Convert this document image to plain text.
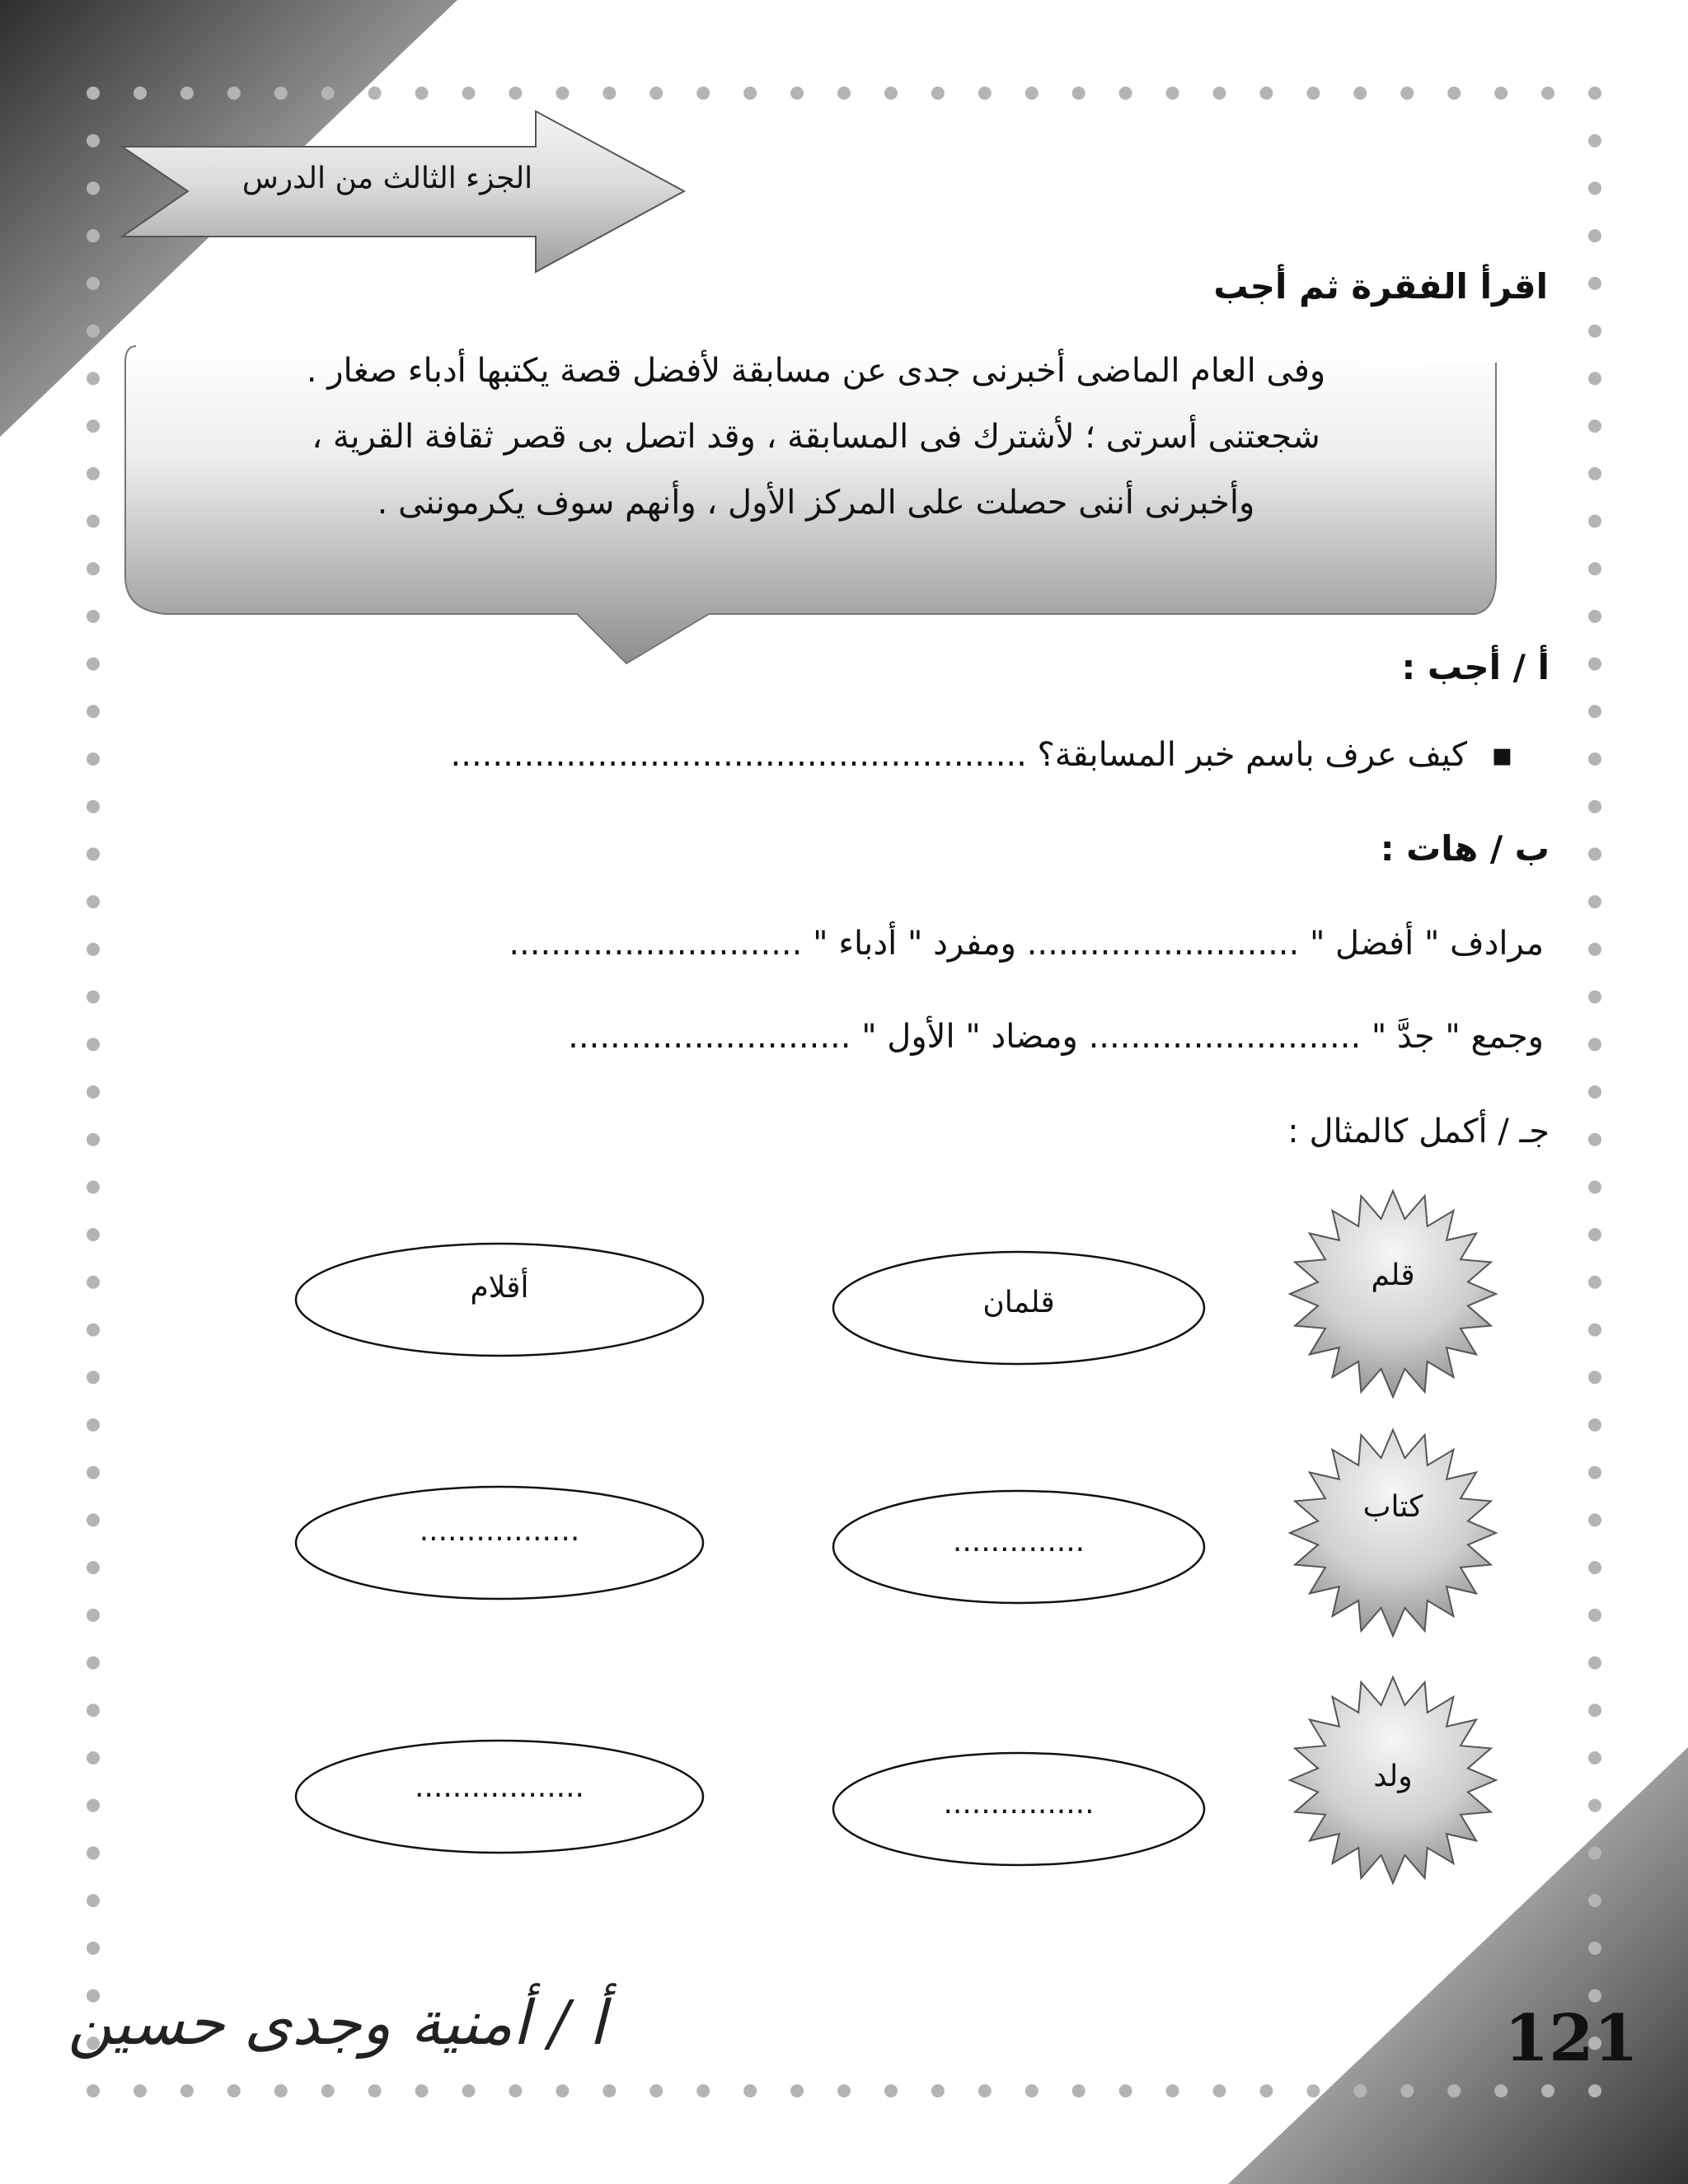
الجزء الثالث من الدرس
اقرأ الفقرة ثم أجب
وفى العام الماضى أخبرنى جدى عن مسابقة لأفضل قصة يكتبها أدباء صغار .
شجعتنى أسرتى ؛ لأشترك فى المسابقة ، وقد اتصل بى قصر ثقافة القرية ،
وأخبرنى أننى حصلت على المركز الأول ، وأنهم سوف يكرموننى .
أ / أجب :
▪
كيف عرف باسم خبر المسابقة؟ .......................................................
ب / هات :
مرادف " أفضل " .......................... ومفرد " أدباء " ............................
وجمع " جدَّ " .......................... ومضاد " الأول " ...........................
جـ / أكمل كالمثال :
قلم
قلمان
أقلام
كتاب
..............
.................
ولد
................
..................
121
أ / أمنية وجدى حسين
